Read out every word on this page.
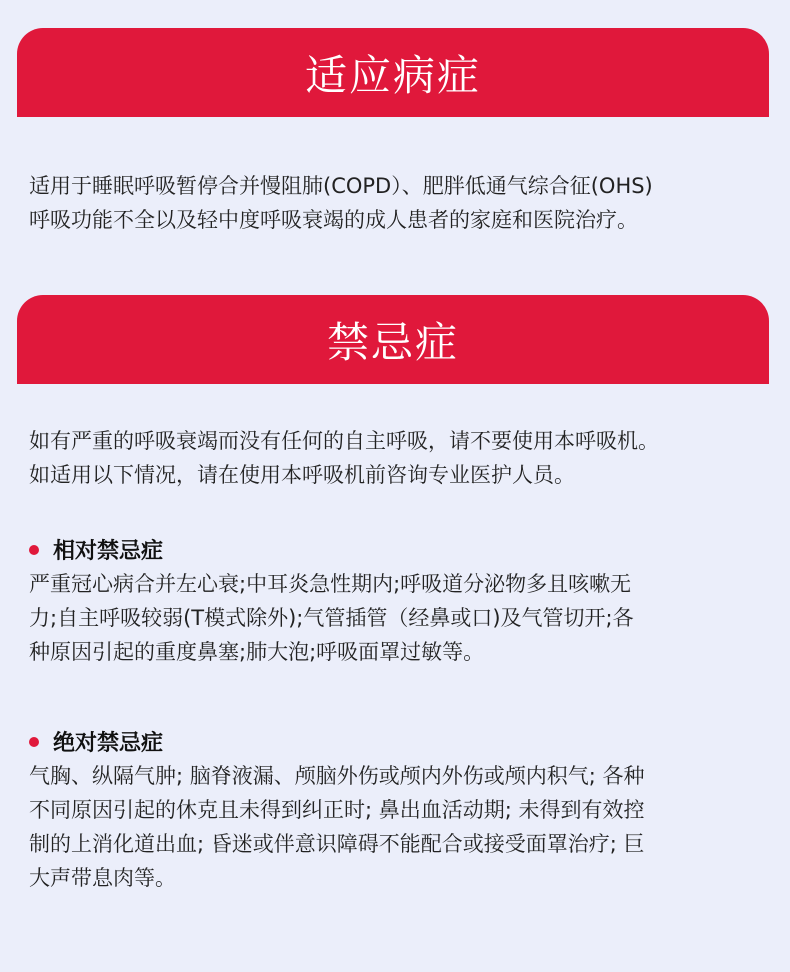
适应病症
适用于睡眠呼吸暂停合并慢阻肺(COPD）、肥胖低通气综合征(OHS)
呼吸功能不全以及轻中度呼吸衰竭的成人患者的家庭和医院治疗。
禁忌症
如有严重的呼吸衰竭而没有任何的自主呼吸，请不要使用本呼吸机。
如适用以下情况，请在使用本呼吸机前咨询专业医护人员。
相对禁忌症
严重冠心病合并左心衰;中耳炎急性期内;呼吸道分泌物多且咳嗽无
力;自主呼吸较弱(T模式除外);气管插管（经鼻或口)及气管切开;各
种原因引起的重度鼻塞;肺大泡;呼吸面罩过敏等。
绝对禁忌症
气胸、纵隔气肿; 脑脊液漏、颅脑外伤或颅内外伤或颅内积气; 各种
不同原因引起的休克且未得到纠正时; 鼻出血活动期; 未得到有效控
制的上消化道出血; 昏迷或伴意识障碍不能配合或接受面罩治疗; 巨
大声带息肉等。
